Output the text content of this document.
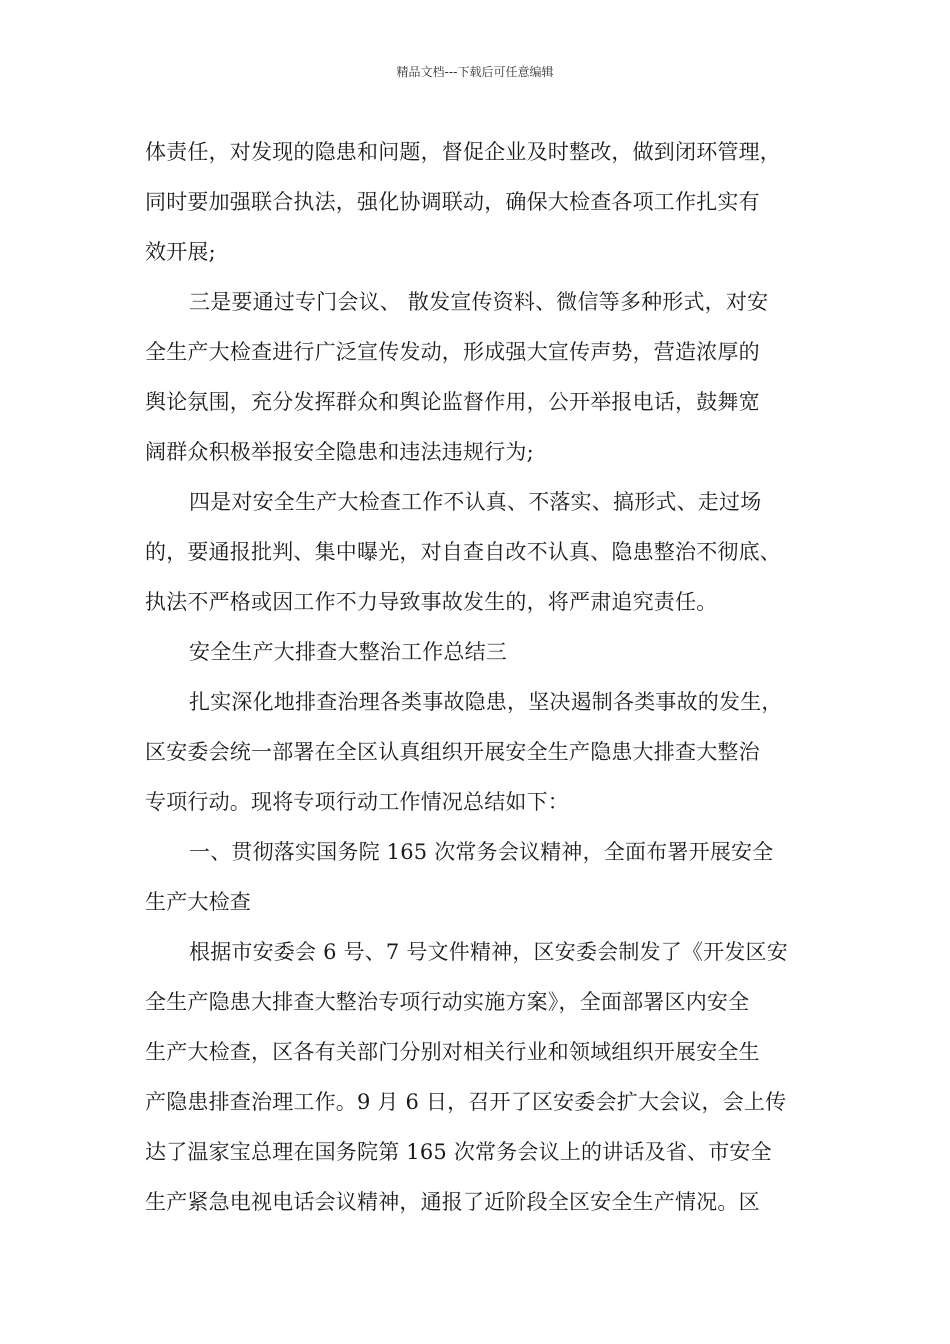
精品文档---下载后可任意编辑
体责任，对发现的隐患和问题，督促企业及时整改，做到闭环管理，
同时要加强联合执法，强化协调联动，确保大检查各项工作扎实有
效开展;
三是要通过专门会议、 散发宣传资料、微信等多种形式，对安
全生产大检查进行广泛宣传发动，形成强大宣传声势，营造浓厚的
舆论氛围，充分发挥群众和舆论监督作用，公开举报电话，鼓舞宽
阔群众积极举报安全隐患和违法违规行为;
四是对安全生产大检查工作不认真、不落实、搞形式、走过场
的，要通报批判、集中曝光，对自查自改不认真、隐患整治不彻底、
执法不严格或因工作不力导致事故发生的，将严肃追究责任。
安全生产大排查大整治工作总结三
扎实深化地排查治理各类事故隐患，坚决遏制各类事故的发生，
区安委会统一部署在全区认真组织开展安全生产隐患大排查大整治
专项行动。现将专项行动工作情况总结如下：
一、贯彻落实国务院 165 次常务会议精神，全面布署开展安全
生产大检查
根据市安委会 6 号、7 号文件精神，区安委会制发了《开发区安
全生产隐患大排查大整治专项行动实施方案》，全面部署区内安全
生产大检查，区各有关部门分别对相关行业和领域组织开展安全生
产隐患排查治理工作。9 月 6 日，召开了区安委会扩大会议，会上传
达了温家宝总理在国务院第 165 次常务会议上的讲话及省、市安全
生产紧急电视电话会议精神，通报了近阶段全区安全生产情况。区
